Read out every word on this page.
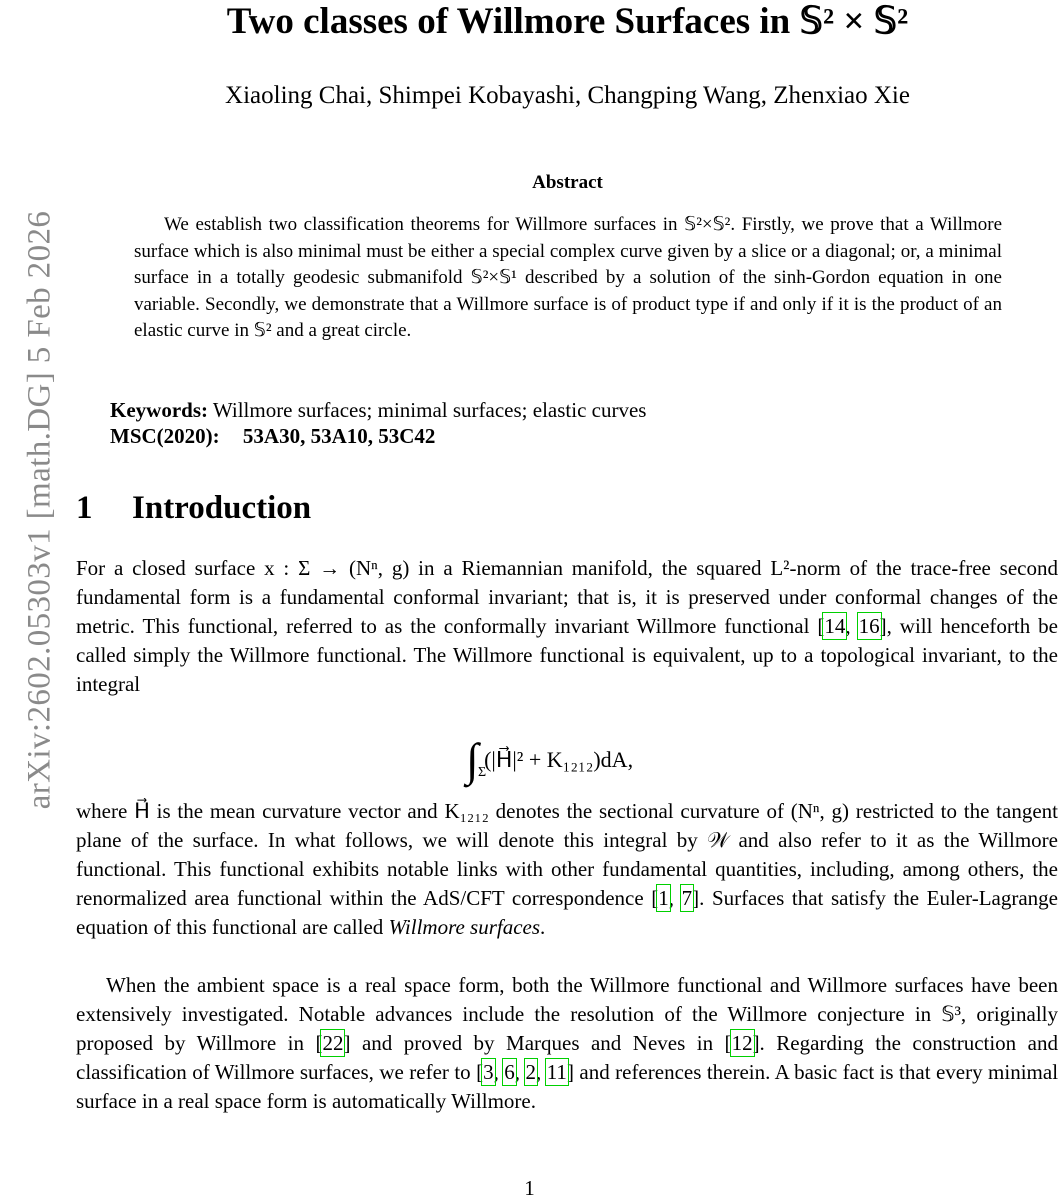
arXiv:2602.05303v1 [math.DG] 5 Feb 2026
Two classes of Willmore Surfaces in 𝕊² × 𝕊²
Xiaoling Chai, Shimpei Kobayashi, Changping Wang, Zhenxiao Xie
Abstract
We establish two classification theorems for Willmore surfaces in 𝕊²×𝕊². Firstly, we prove that a Willmore surface which is also minimal must be either a special complex curve given by a slice or a diagonal; or, a minimal surface in a totally geodesic submanifold 𝕊²×𝕊¹ described by a solution of the sinh-Gordon equation in one variable. Secondly, we demonstrate that a Willmore surface is of product type if and only if it is the product of an elastic curve in 𝕊² and a great circle.
Keywords: Willmore surfaces; minimal surfaces; elastic curves
MSC(2020): 53A30, 53A10, 53C42
1 Introduction
For a closed surface x : Σ → (Nⁿ, g) in a Riemannian manifold, the squared L²-norm of the trace-free second fundamental form is a fundamental conformal invariant; that is, it is preserved under conformal changes of the metric. This functional, referred to as the conformally invariant Willmore functional [14, 16], will henceforth be called simply the Willmore functional. The Willmore functional is equivalent, up to a topological invariant, to the integral
∫ Σ
(|H⃗|² + K₁₂₁₂)dA,
where H⃗ is the mean curvature vector and K₁₂₁₂ denotes the sectional curvature of (Nⁿ, g) restricted to the tangent plane of the surface. In what follows, we will denote this integral by 𝒲 and also refer to it as the Willmore functional. This functional exhibits notable links with other fundamental quantities, including, among others, the renormalized area functional within the AdS/CFT correspondence [1, 7]. Surfaces that satisfy the Euler-Lagrange equation of this functional are called Willmore surfaces.
When the ambient space is a real space form, both the Willmore functional and Willmore surfaces have been extensively investigated. Notable advances include the resolution of the Willmore conjecture in 𝕊³, originally proposed by Willmore in [22] and proved by Marques and Neves in [12]. Regarding the construction and classification of Willmore surfaces, we refer to [3, 6, 2, 11] and references therein. A basic fact is that every minimal surface in a real space form is automatically Willmore.
1
